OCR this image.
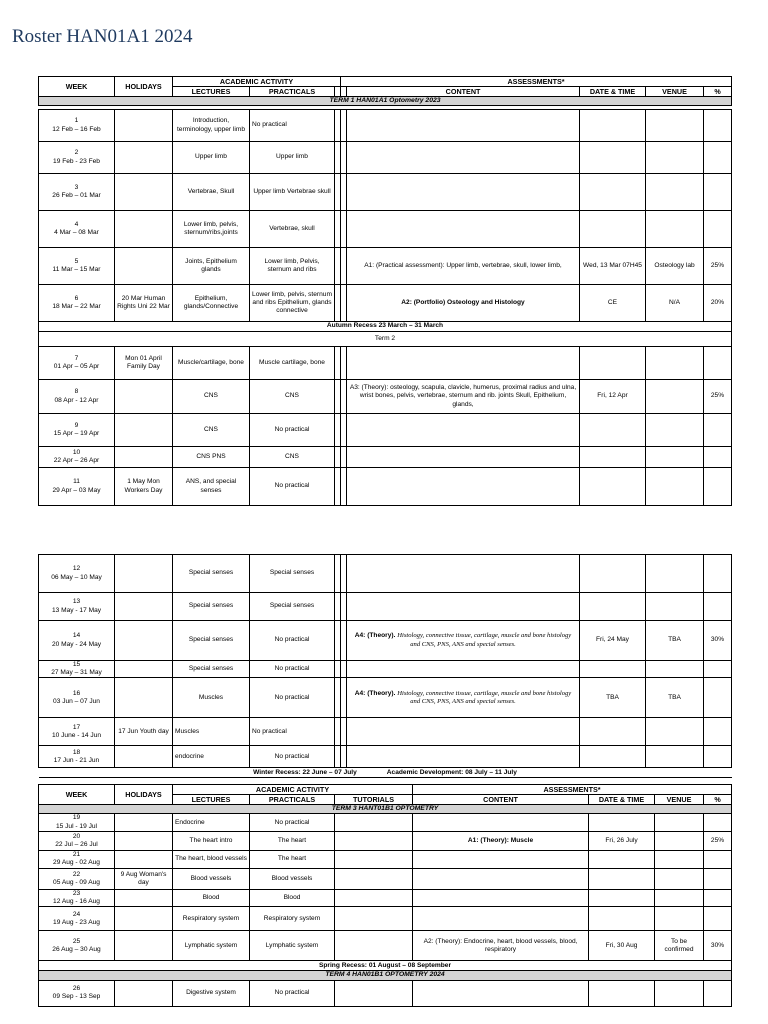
Roster HAN01A1 2024
WEEK	HOLIDAYS	ACADEMIC ACTIVITY			ASSESSMENTS*				
		LECTURES	PRACTICALS			CONTENT	DATE & TIME	VENUE	%
TERM 1 HAN01A1 Optometry 2023									
1
12 Feb – 16 Feb		Introduction, terminology, upper limb	No practical						

2
19 Feb - 23 Feb		Upper limb	Upper limb						

3
26 Feb – 01 Mar		Vertebrae, Skull	Upper limb Vertebrae skull						

4
4 Mar – 08 Mar		Lower limb, pelvis, sternum/ribs,joints	Vertebrae, skull						

5
11 Mar – 15 Mar		Joints, Epithelium glands	Lower limb, Pelvis, sternum and ribs			A1: (Practical assessment): Upper limb, vertebrae, skull, lower limb,	Wed, 13 Mar 07H45	Osteology lab	25%

6
18 Mar – 22 Mar	20 Mar Human Rights Uni 22 Mar	Epithelium, glands/Connective	Lower limb, pelvis, sternum and ribs Epithelium, glands connective			A2: (Portfolio) Osteology and Histology	CE	N/A	20%
Autumn Recess 23 March – 31 March									
Term 2									

7
01 Apr – 05 Apr	Mon 01 April Family Day	Muscle/cartilage, bone	Muscle cartilage, bone						

8
08 Apr - 12 Apr		CNS	CNS			A3: (Theory): osteology, scapula, clavicle, humerus, proximal radius and ulna, wrist bones, pelvis, vertebrae, sternum and rib. joints Skull, Epithelium, glands,	Fri, 12 Apr		25%

9
15 Apr – 19 Apr		CNS	No practical						

10
22 Apr – 26 Apr		CNS PNS	CNS						

11
29 Apr – 03 May	1 May Mon Workers Day	ANS, and special senses	No practical						
12
06 May – 10 May		Special senses	Special senses						

13
13 May - 17 May		Special senses	Special senses						

14
20 May - 24 May		Special senses	No practical			A4: (Theory). Histology, connective tissue, cartilage, muscle and bone histology and CNS, PNS, ANS and special senses.	Fri, 24 May	TBA	30%

15
27 May – 31 May		Special senses	No practical						

16
03 Jun – 07 Jun		Muscles	No practical			A4: (Theory). Histology, connective tissue, cartilage, muscle and bone histology and CNS, PNS, ANS and special senses.	TBA	TBA	

17
10 June - 14 Jun	17 Jun Youth day	Muscles	No practical						

18
17 Jun - 21 Jun		endocrine	No practical						
Winter Recess: 22 June – 07 July Academic Development: 08 July – 11 July									
WEEK	HOLIDAYS	ACADEMIC ACTIVITY			ASSESSMENTS*			
		LECTURES	PRACTICALS	TUTORIALS	CONTENT	DATE & TIME	VENUE	%
TERM 3 HANT01B1 OPTOMETRY								

19
15 Jul - 19 Jul		Endocrine	No practical					

20
22 Jul – 26 Jul		The heart intro	The heart		A1: (Theory): Muscle	Fri, 26 July		25%

21
29 Aug - 02 Aug		The heart, blood vessels	The heart					

22
05 Aug - 09 Aug	9 Aug Woman's day	Blood vessels	Blood vessels					

23
12 Aug - 16 Aug		Blood	Blood					

24
19 Aug - 23 Aug		Respiratory system	Respiratory system					

25
26 Aug – 30 Aug		Lymphatic system	Lymphatic system		A2: (Theory): Endocrine, heart, blood vessels, blood, respiratory	Fri, 30 Aug	To be confirmed	30%
Spring Recess: 01 August – 08 September								
TERM 4 HAN01B1 OPTOMETRY 2024								

26
09 Sep - 13 Sep		Digestive system	No practical					
